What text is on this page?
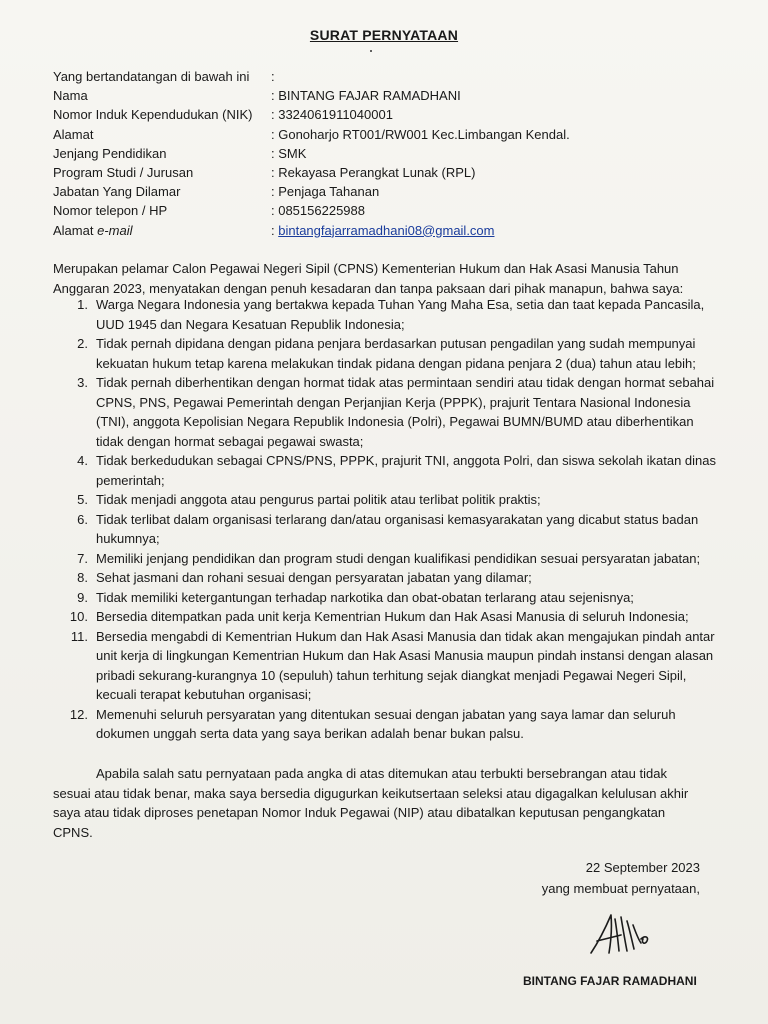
SURAT PERNYATAAN
Yang bertandatangan di bawah ini	:
Nama	: BINTANG FAJAR RAMADHANI
Nomor Induk Kependudukan (NIK)	: 3324061911040001
Alamat	: Gonoharjo RT001/RW001 Kec.Limbangan Kendal.
Jenjang Pendidikan	: SMK
Program Studi / Jurusan	: Rekayasa Perangkat Lunak (RPL)
Jabatan Yang Dilamar	: Penjaga Tahanan
Nomor telepon / HP	: 085156225988
Alamat e-mail	: bintangfajarramadhani08@gmail.com
Merupakan pelamar Calon Pegawai Negeri Sipil (CPNS) Kementerian Hukum dan Hak Asasi Manusia Tahun Anggaran 2023, menyatakan dengan penuh kesadaran dan tanpa paksaan dari pihak manapun, bahwa saya:
1. Warga Negara Indonesia yang bertakwa kepada Tuhan Yang Maha Esa, setia dan taat kepada Pancasila, UUD 1945 dan Negara Kesatuan Republik Indonesia;
2. Tidak pernah dipidana dengan pidana penjara berdasarkan putusan pengadilan yang sudah mempunyai kekuatan hukum tetap karena melakukan tindak pidana dengan pidana penjara 2 (dua) tahun atau lebih;
3. Tidak pernah diberhentikan dengan hormat tidak atas permintaan sendiri atau tidak dengan hormat sebahai CPNS, PNS, Pegawai Pemerintah dengan Perjanjian Kerja (PPPK), prajurit Tentara Nasional Indonesia (TNI), anggota Kepolisian Negara Republik Indonesia (Polri), Pegawai BUMN/BUMD atau diberhentikan tidak dengan hormat sebagai pegawai swasta;
4. Tidak berkedudukan sebagai CPNS/PNS, PPPK, prajurit TNI, anggota Polri, dan siswa sekolah ikatan dinas pemerintah;
5. Tidak menjadi anggota atau pengurus partai politik atau terlibat politik praktis;
6. Tidak terlibat dalam organisasi terlarang dan/atau organisasi kemasyarakatan yang dicabut status badan hukumnya;
7. Memiliki jenjang pendidikan dan program studi dengan kualifikasi pendidikan sesuai persyaratan jabatan;
8. Sehat jasmani dan rohani sesuai dengan persyaratan jabatan yang dilamar;
9. Tidak memiliki ketergantungan terhadap narkotika dan obat-obatan terlarang atau sejenisnya;
10. Bersedia ditempatkan pada unit kerja Kementrian Hukum dan Hak Asasi Manusia di seluruh Indonesia;
11. Bersedia mengabdi di Kementrian Hukum dan Hak Asasi Manusia dan tidak akan mengajukan pindah antar unit kerja di lingkungan Kementrian Hukum dan Hak Asasi Manusia maupun pindah instansi dengan alasan pribadi sekurang-kurangnya 10 (sepuluh) tahun terhitung sejak diangkat menjadi Pegawai Negeri Sipil, kecuali terapat kebutuhan organisasi;
12. Memenuhi seluruh persyaratan yang ditentukan sesuai dengan jabatan yang saya lamar dan seluruh dokumen unggah serta data yang saya berikan adalah benar bukan palsu.
Apabila salah satu pernyataan pada angka di atas ditemukan atau terbukti bersebrangan atau tidak sesuai atau tidak benar, maka saya bersedia digugurkan keikutsertaan seleksi atau digagalkan kelulusan akhir saya atau tidak diproses penetapan Nomor Induk Pegawai (NIP) atau dibatalkan keputusan pengangkatan CPNS.
22 September 2023
yang membuat pernyataan,
BINTANG FAJAR RAMADHANI
